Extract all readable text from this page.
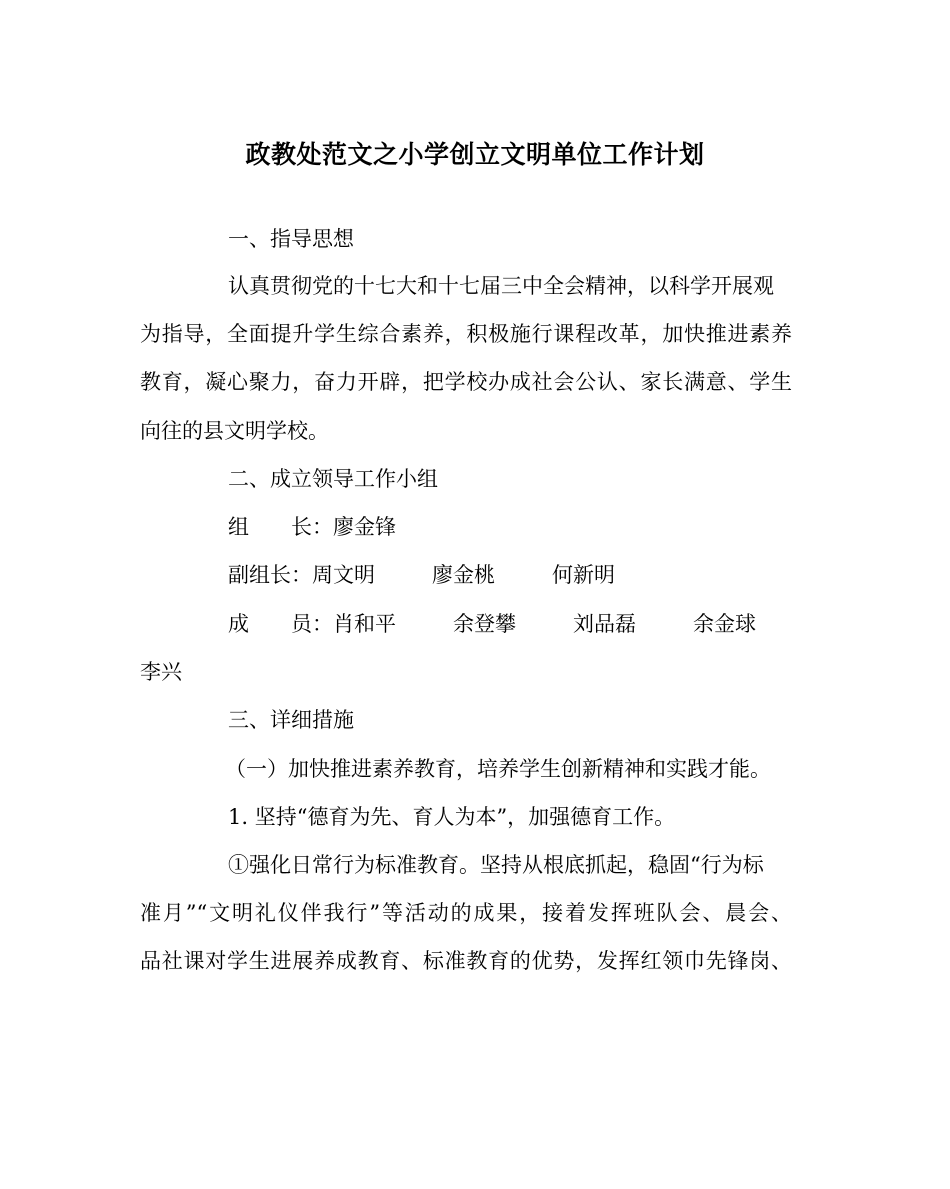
政教处范文之小学创立文明单位工作计划

一、指导思想

认真贯彻党的十七大和十七届三中全会精神，以科学开展观

为指导，全面提升学生综合素养，积极施行课程改革，加快推进素养

教育，凝心聚力，奋力开辟，把学校办成社会公认、家长满意、学生

向往的县文明学校。

二、成立领导工作小组

组　　长：廖金锋

副组长：周文明	廖金桃	何新明

成　　员：肖和平	余登攀	刘品磊	余金球

李兴

三、详细措施

（一）加快推进素养教育，培养学生创新精神和实践才能。

1. 坚持“德育为先、育人为本”，加强德育工作。

①强化日常行为标准教育。坚持从根底抓起，稳固“行为标

准月”“文明礼仪伴我行”等活动的成果，接着发挥班队会、晨会、

品社课对学生进展养成教育、标准教育的优势，发挥红领巾先锋岗、
